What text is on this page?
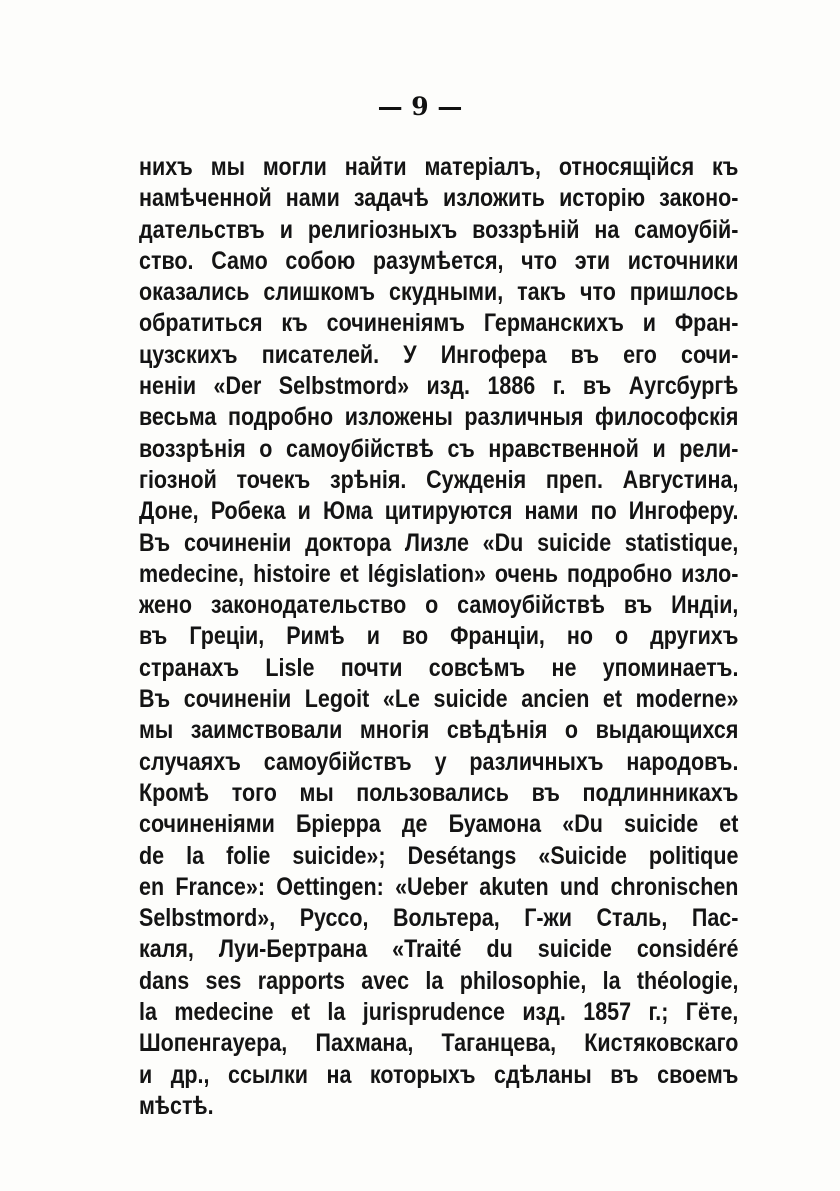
— 9 —
нихъ мы могли найти матеріалъ, относящійся къ
намѣченной нами задачѣ изложить исторію законо-
дательствъ и религіозныхъ воззрѣній на самоубій-
ство. Само собою разумѣется, что эти источники
оказались слишкомъ скудными, такъ что пришлось
обратиться къ сочиненіямъ Германскихъ и Фран-
цузскихъ писателей. У Ингофера въ его сочи-
неніи «Der Selbstmord» изд. 1886 г. въ Аугсбургѣ
весьма подробно изложены различныя философскія
воззрѣнія о самоубійствѣ съ нравственной и рели-
гіозной точекъ зрѣнія. Сужденія преп. Августина,
Доне, Робека и Юма цитируются нами по Ингоферу.
Въ сочиненіи доктора Лизле «Du suicide statistique,
medecine, histoire et législation» очень подробно изло-
жено законодательство о самоубійствѣ въ Индіи,
въ Греціи, Римѣ и во Франціи, но о другихъ
странахъ Lisle почти совсѣмъ не упоминаетъ.
Въ сочиненіи Legoit «Le suicide ancien et moderne»
мы заимствовали многія свѣдѣнія о выдающихся
случаяхъ самоубійствъ у различныхъ народовъ.
Кромѣ того мы пользовались въ подлинникахъ
сочиненіями Бріерра де Буамона «Du suicide et
de la folie suicide»; Desétangs «Suicide politique
en France»: Oettingen: «Ueber akuten und chronischen
Selbstmord», Руссо, Вольтера, Г-жи Сталь, Пас-
каля, Луи-Бертрана «Traité du suicide considéré
dans ses rapports avec la philosophie, la théologie,
la medecine et la jurisprudence изд. 1857 г.; Гёте,
Шопенгауера, Пахмана, Таганцева, Кистяковскаго
и др., ссылки на которыхъ сдѣланы въ своемъ
мѣстѣ.
